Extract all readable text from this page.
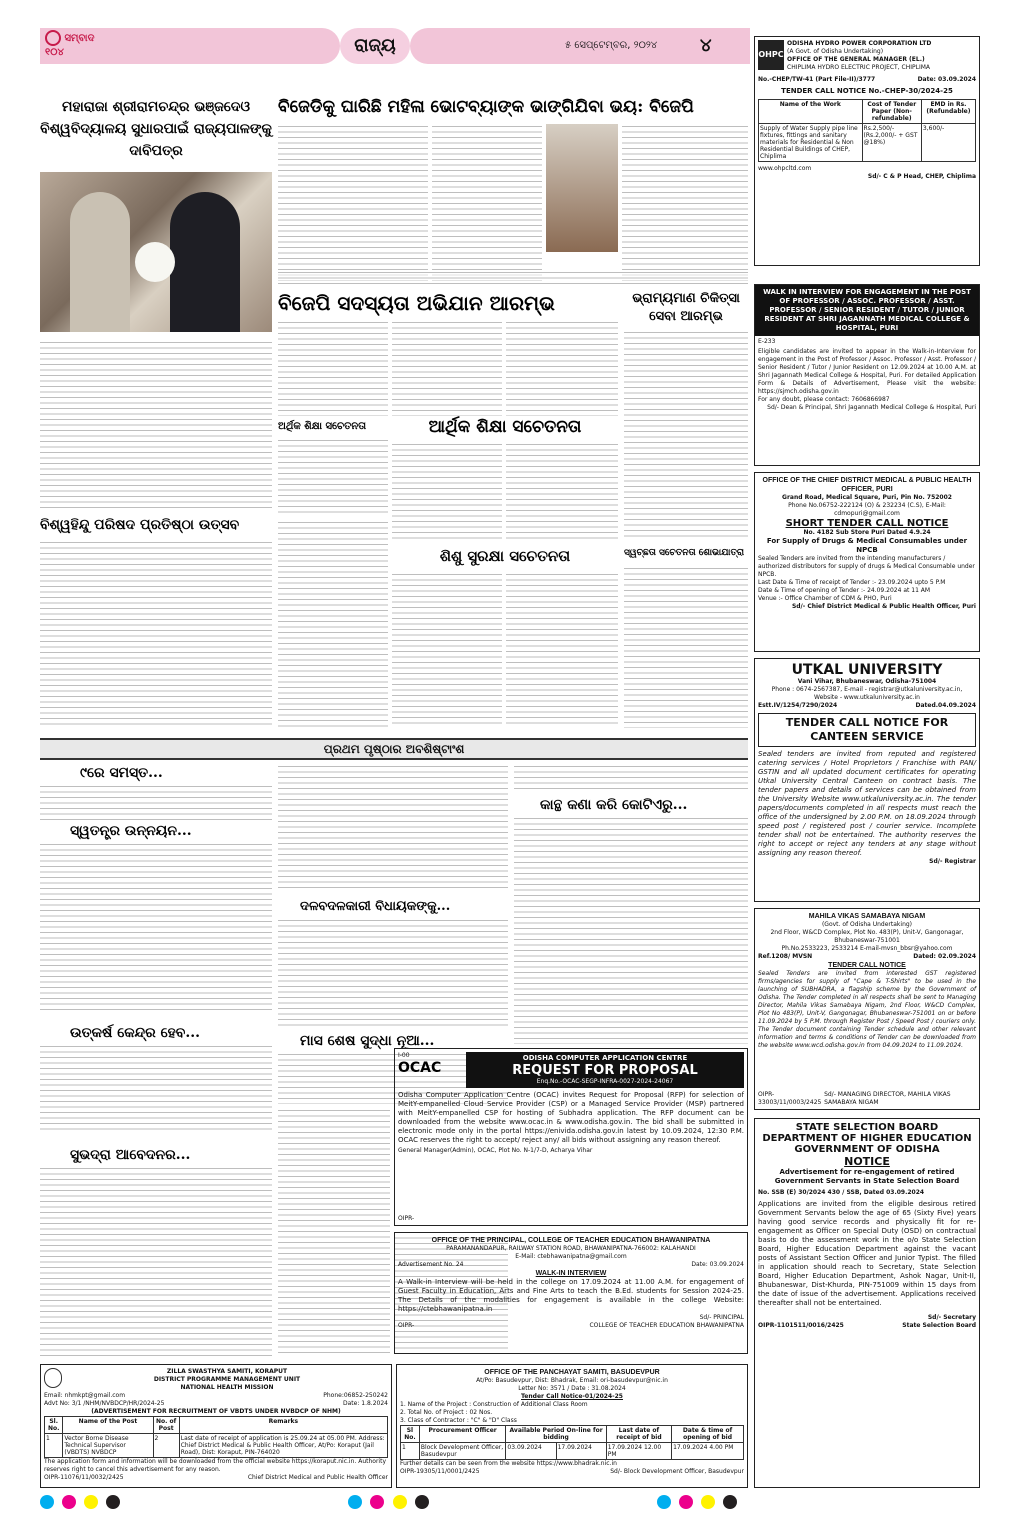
ରାଜ୍ୟ	୫ ସେପ୍ଟେମ୍ବର, ୨୦୨୪ ୪
ସମ୍ବାଦ ୧୦୪
ମହାରାଜା ଶ୍ରୀରାମଚନ୍ଦ୍ର ଭଞ୍ଜଦେଓ ବିଶ୍ୱବିଦ୍ୟାଳୟ ସୁଧାରପାଇଁ ରାଜ୍ୟପାଳଙ୍କୁ ଦାବିପତ୍ର
ବିଜେଡିକୁ ଘାରିଛି ମହିଳା ଭୋଟବ୍ୟାଙ୍କ ଭାଙ୍ଗିଯିବା ଭୟ: ବିଜେପି
ବିଜେପି ସଦସ୍ୟତା ଅଭିଯାନ ଆରମ୍ଭ	ଭ୍ରାମ୍ୟମାଣ ଚିକିତ୍ସା ସେବା ଆରମ୍ଭ
ଅର୍ଥିକ ଶିକ୍ଷା ସଚେତନତା	ଆର୍ଥିକ ଶିକ୍ଷା ସଚେତନତା
ବିଶ୍ୱହିନ୍ଦୁ ପରିଷଦ ପ୍ରତିଷ୍ଠା ଉତ୍ସବ
ଶିଶୁ ସୁରକ୍ଷା ସଚେତନତା	ସ୍ୱଚ୍ଛତା ସଚେତନତା ଶୋଭାଯାତ୍ରା
ପ୍ରଥମ ପୃଷ୍ଠାର ଅବଶିଷ୍ଟାଂଶ
୯ରେ ସମସ୍ତ...
ସ୍ୱତନ୍ତ୍ର ଉନ୍ନୟନ...
ଉତ୍କର୍ଷ କେନ୍ଦ୍ର ହେବ...
ସୁଭଦ୍ରା ଆବେଦନର...
ଦଳବଦଳକାରୀ ବିଧାୟକଙ୍କୁ...
ମାସ ଶେଷ ସୁଦ୍ଧା ନୂଆ...
କାନ୍ଥ କଣା କରି କୋଟିଏରୁ...
I-00
OCAC
ODISHA COMPUTER APPLICATION CENTRE
REQUEST FOR PROPOSAL
Enq.No.-OCAC-SEGP-INFRA-0027-2024-24067
Odisha Computer Application Centre (OCAC) invites Request for Proposal (RFP) for selection of MeitY-empanelled Cloud Service Provider (CSP) or a Managed Service Provider (MSP) partnered with MeitY-empanelled CSP for hosting of Subhadra application. The RFP document can be downloaded from the website www.ocac.in & www.odisha.gov.in. The bid shall be submitted in electronic mode only in the portal https://enivida.odisha.gov.in latest by 10.09.2024, 12:30 P.M. OCAC reserves the right to accept/ reject any/ all bids without assigning any reason thereof.
General Manager(Admin), OCAC, Plot No. N-1/7-D, Acharya Vihar
OIPR-
OFFICE OF THE PRINCIPAL, COLLEGE OF TEACHER EDUCATION BHAWANIPATNA
PARAMANANDAPUR, RAILWAY STATION ROAD, BHAWANIPATNA-766002: KALAHANDI
E-Mail: ctebhawanipatna@gmail.com
Advertisement No. 24	Date: 03.09.2024
WALK-IN INTERVIEW
A Walk-in Interview will be held in the college on 17.09.2024 at 11.00 A.M. for engagement of Guest Faculty in Education, Arts and Fine Arts to teach the B.Ed. students for Session 2024-25. The Details of the modalities for engagement is available in the college Website: https://ctebhawanipatna.in
Sd/- PRINCIPAL
OIPR-	COLLEGE OF TEACHER EDUCATION BHAWANIPATNA
ZILLA SWASTHYA SAMITI, KORAPUT
DISTRICT PROGRAMME MANAGEMENT UNIT
NATIONAL HEALTH MISSION
Email: nhmkpt@gmail.com	Phone:06852-250242
Advt No: 3/1 /NHM/NVBDCP/HR/2024-25	Date: 1.8.2024
(ADVERTISEMENT FOR RECRUITMENT OF VBDTS UNDER NVBDCP OF NHM)
Sl. No.	Name of the Post	No. of Post	Remarks
1	Vector Borne Disease Technical Supervisor (VBDTS) NVBDCP	2	Last date of receipt of application is 25.09.24 at 05.00 PM. Address: Chief District Medical & Public Health Officer, At/Po: Koraput (Jail Road), Dist: Koraput, PIN-764020
The application form and information will be downloaded from the official website https://koraput.nic.in. Authority reserves right to cancel this advertisement for any reason.
OIPR-11076/11/0032/2425	Chief District Medical and Public Health Officer
OFFICE OF THE PANCHAYAT SAMITI, BASUDEVPUR
At/Po: Basudevpur, Dist: Bhadrak, Email: ori-basudevpur@nic.in
Letter No: 3571 / Date : 31.08.2024
Tender Call Notice-01/2024-25
1. Name of the Project : Construction of Additional Class Room
2. Total No. of Project : 02 Nos.
3. Class of Contractor : "C" & "D" Class
Sl No.	Procurement Officer	Available Period On-line for bidding		Last date of receipt of bid	Date & time of opening of bid
1	Block Development Officer, Basudevpur	03.09.2024	17.09.2024	17.09.2024 12.00 PM	17.09.2024 4.00 PM
Further details can be seen from the website https://www.bhadrak.nic.in
OIPR-19305/11/0001/2425	Sd/- Block Development Officer, Basudevpur
OHPC
ODISHA HYDRO POWER CORPORATION LTD
(A Govt. of Odisha Undertaking)
OFFICE OF THE GENERAL MANAGER (EL.)
CHIPLIMA HYDRO ELECTRIC PROJECT, CHIPLIMA
No.-CHEP/TW-41 (Part File-II)/3777	Date: 03.09.2024
TENDER CALL NOTICE No.-CHEP-30/2024-25
Name of the Work	Cost of Tender Paper (Non-refundable)	EMD in Rs. (Refundable)
Supply of Water Supply pipe line fixtures, fittings and sanitary materials for Residential & Non Residential Buildings of CHEP, Chiplima	Rs.2,500/- (Rs.2,000/- + GST @18%)	3,600/-
www.ohpcltd.com
Sd/- C & P Head, CHEP, Chiplima
WALK IN INTERVIEW FOR ENGAGEMENT IN THE POST OF PROFESSOR / ASSOC. PROFESSOR / ASST. PROFESSOR / SENIOR RESIDENT / TUTOR / JUNIOR RESIDENT AT SHRI JAGANNATH MEDICAL COLLEGE & HOSPITAL, PURI
E-233
Eligible candidates are invited to appear in the Walk-in-Interview for engagement in the Post of Professor / Assoc. Professor / Asst. Professor / Senior Resident / Tutor / Junior Resident on 12.09.2024 at 10.00 A.M. at Shri Jagannath Medical College & Hospital, Puri. For detailed Application Form & Details of Advertisement, Please visit the website: https://sjmch.odisha.gov.in
For any doubt, please contact: 7606866987
Sd/- Dean & Principal, Shri Jagannath Medical College & Hospital, Puri
OFFICE OF THE CHIEF DISTRICT MEDICAL & PUBLIC HEALTH OFFICER, PURI
Grand Road, Medical Square, Puri, Pin No. 752002
Phone No.06752-222124 (O) & 232234 (C.S), E-Mail: cdmopuri@gmail.com
SHORT TENDER CALL NOTICE
No. 4182 Sub Store Puri Dated 4.9.24
For Supply of Drugs & Medical Consumables under NPCB
Sealed Tenders are invited from the intending manufacturers / authorized distributors for supply of drugs & Medical Consumable under NPCB.
Last Date & Time of receipt of Tender :- 23.09.2024 upto 5 P.M
Date & Time of opening of Tender :- 24.09.2024 at 11 AM
Venue :- Office Chamber of CDM & PHO, Puri
Sd/- Chief District Medical & Public Health Officer, Puri
UTKAL UNIVERSITY
Vani Vihar, Bhubaneswar, Odisha-751004
Phone : 0674-2567387, E-mail - registrar@utkaluniversity.ac.in,
Website - www.utkaluniversity.ac.in
Estt.IV/1254/7290/2024	Dated.04.09.2024
TENDER CALL NOTICE FOR CANTEEN SERVICE
Sealed tenders are invited from reputed and registered catering services / Hotel Proprietors / Franchise with PAN/ GSTIN and all updated document certificates for operating Utkal University Central Canteen on contract basis. The tender papers and details of services can be obtained from the University Website www.utkaluniversity.ac.in. The tender papers/documents completed in all respects must reach the office of the undersigned by 2.00 P.M. on 18.09.2024 through speed post / registered post / courier service. Incomplete tender shall not be entertained. The authority reserves the right to accept or reject any tenders at any stage without assigning any reason thereof.
Sd/- Registrar
MAHILA VIKAS SAMABAYA NIGAM
(Govt. of Odisha Undertaking)
2nd Floor, W&CD Complex, Plot No. 483(P), Unit-V, Gangonagar, Bhubaneswar-751001
Ph.No.2533223, 2533214 E-mail-mvsn_bbsr@yahoo.com
Ref.1208/ MVSN	Dated: 02.09.2024
TENDER CALL NOTICE
Sealed Tenders are invited from interested GST registered firms/agencies for supply of "Cape & T-Shirts" to be used in the launching of SUBHADRA, a flagship scheme by the Government of Odisha. The Tender completed in all respects shall be sent to Managing Director, Mahila Vikas Samabaya Nigam, 2nd Floor, W&CD Complex, Plot No 483(P), Unit-V, Gangonagar, Bhubaneswar-751001 on or before 11.09.2024 by 5 P.M. through Register Post / Speed Post / couriers only. The Tender document containing Tender schedule and other relevant information and terms & conditions of Tender can be downloaded from the website www.wcd.odisha.gov.in from 04.09.2024 to 11.09.2024.
OIPR-33003/11/0003/2425
Sd/- MANAGING DIRECTOR, MAHILA VIKAS SAMABAYA NIGAM
STATE SELECTION BOARD
DEPARTMENT OF HIGHER EDUCATION
GOVERNMENT OF ODISHA
NOTICE
Advertisement for re-engagement of retired Government Servants in State Selection Board
No. SSB (E) 30/2024 430 / SSB, Dated 03.09.2024
Applications are invited from the eligible desirous retired Government Servants below the age of 65 (Sixty Five) years having good service records and physically fit for re-engagement as Officer on Special Duty (OSD) on contractual basis to do the assessment work in the o/o State Selection Board, Higher Education Department against the vacant posts of Assistant Section Officer and Junior Typist. The filled in application should reach to Secretary, State Selection Board, Higher Education Department, Ashok Nagar, Unit-II, Bhubaneswar, Dist-Khurda, PIN-751009 within 15 days from the date of issue of the advertisement. Applications received thereafter shall not be entertained.
Sd/- Secretary
OIPR-1101511/0016/2425	State Selection Board
